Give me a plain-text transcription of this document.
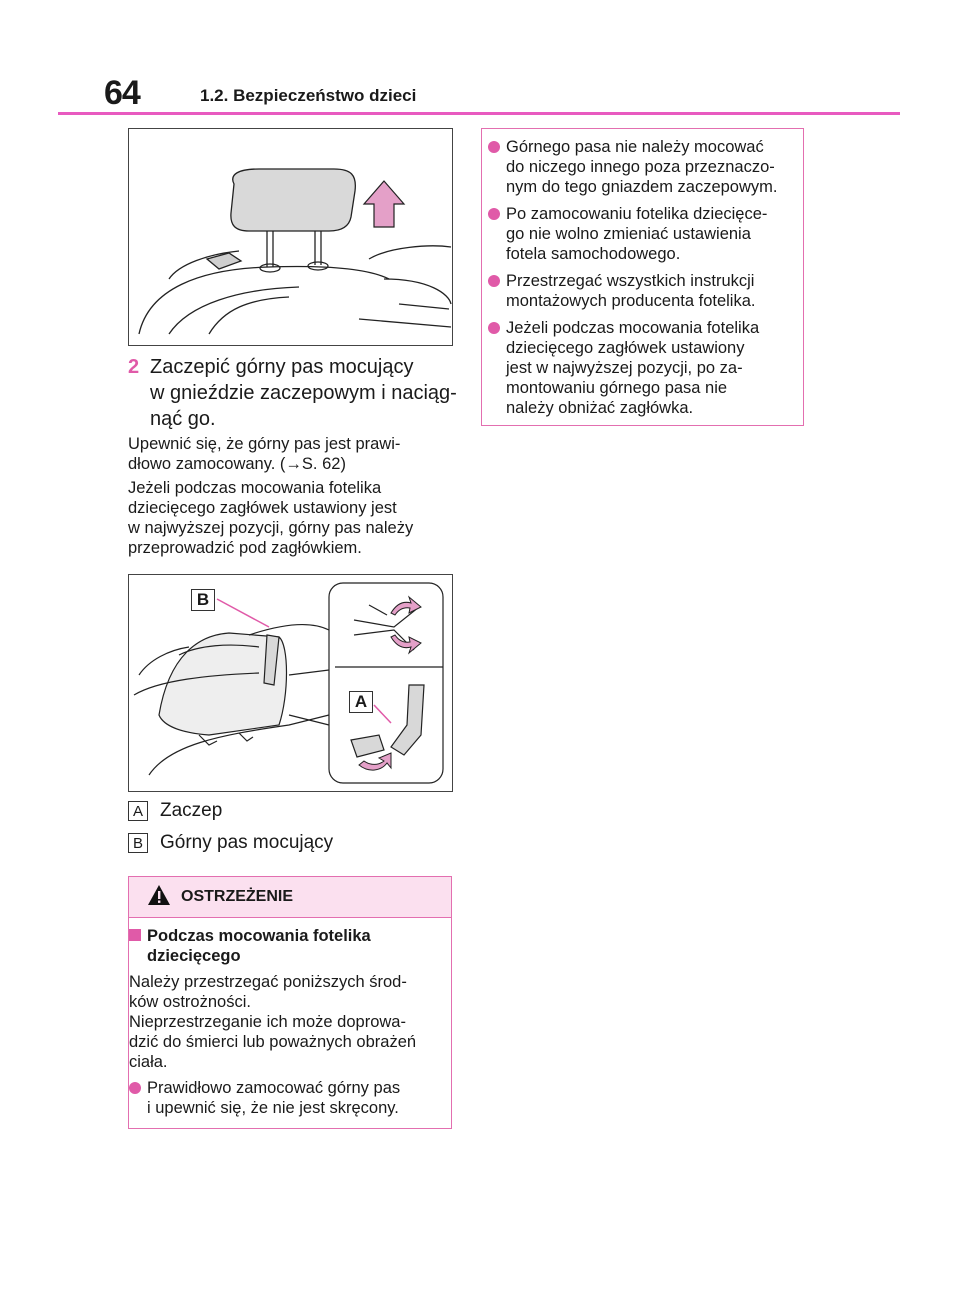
64	1.2. Bezpieczeństwo dzieci
2 Zaczepić górny pas mocujący
w gnieździe zaczepowym i naciąg-
nąć go.
Upewnić się, że górny pas jest prawi-
dłowo zamocowany. (→S. 62)
Jeżeli podczas mocowania fotelika
dziecięcego zagłówek ustawiony jest
w najwyższej pozycji, górny pas należy
przeprowadzić pod zagłówkiem.
B
A
A Zaczep
B Górny pas mocujący
OSTRZEŻENIE
Podczas mocowania fotelika
dziecięcego
Należy przestrzegać poniższych środ-
ków ostrożności.
Nieprzestrzeganie ich może doprowa-
dzić do śmierci lub poważnych obrażeń
ciała.
Prawidłowo zamocować górny pas
i upewnić się, że nie jest skręcony.
Górnego pasa nie należy mocować
do niczego innego poza przeznaczo-
nym do tego gniazdem zaczepowym.
Po zamocowaniu fotelika dziecięce-
go nie wolno zmieniać ustawienia
fotela samochodowego.
Przestrzegać wszystkich instrukcji
montażowych producenta fotelika.
Jeżeli podczas mocowania fotelika
dziecięcego zagłówek ustawiony
jest w najwyższej pozycji, po za-
montowaniu górnego pasa nie
należy obniżać zagłówka.
